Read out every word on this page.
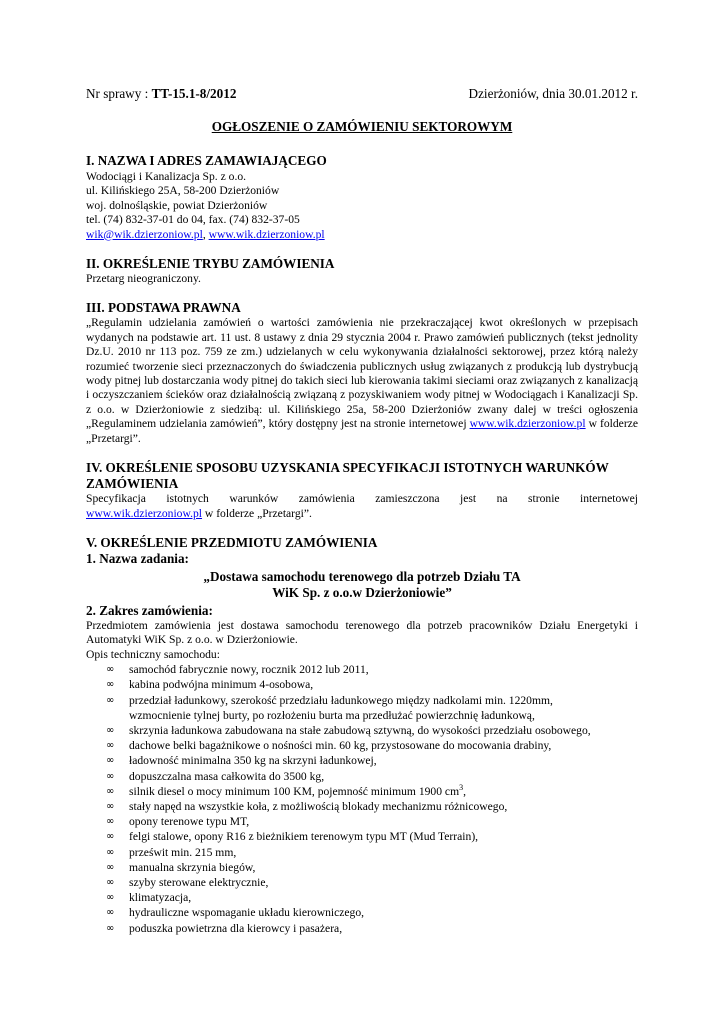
Nr sprawy : TT-15.1-8/2012	Dzierżoniów, dnia 30.01.2012 r.
OGŁOSZENIE O ZAMÓWIENIU SEKTOROWYM
I. NAZWA I ADRES ZAMAWIAJĄCEGO

Wodociągi i Kanalizacja Sp. z o.o.

ul. Kilińskiego 25A, 58-200 Dzierżoniów

woj. dolnośląskie, powiat Dzierżoniów

tel. (74) 832-37-01 do 04, fax. (74) 832-37-05

wik@wik.dzierzoniow.pl, www.wik.dzierzoniow.pl

II. OKREŚLENIE TRYBU ZAMÓWIENIA

Przetarg nieograniczony.

III. PODSTAWA PRAWNA

„Regulamin udzielania zamówień o wartości zamówienia nie przekraczającej kwot określonych w przepisach wydanych na podstawie art. 11 ust. 8 ustawy z dnia 29 stycznia 2004 r. Prawo zamówień publicznych (tekst jednolity Dz.U. 2010 nr 113 poz. 759 ze zm.) udzielanych w celu wykonywania działalności sektorowej, przez którą należy rozumieć tworzenie sieci przeznaczonych do świadczenia publicznych usług związanych z produkcją lub dystrybucją wody pitnej lub dostarczania wody pitnej do takich sieci lub kierowania takimi sieciami oraz związanych z kanalizacją i oczyszczaniem ścieków oraz działalnością związaną z pozyskiwaniem wody pitnej w Wodociągach i Kanalizacji Sp. z o.o. w Dzierżoniowie z siedzibą: ul. Kilińskiego 25a, 58-200 Dzierżoniów zwany dalej w treści ogłoszenia „Regulaminem udzielania zamówień”, który dostępny jest na stronie internetowej www.wik.dzierzoniow.pl w folderze „Przetargi”.

IV. OKREŚLENIE SPOSOBU UZYSKANIA SPECYFIKACJI ISTOTNYCH WARUNKÓW ZAMÓWIENIA

Specyfikacja istotnych warunków zamówienia zamieszczona jest na stronie internetowej

www.wik.dzierzoniow.pl w folderze „Przetargi”.

V. OKREŚLENIE PRZEDMIOTU ZAMÓWIENIA
1. Nazwa zadania:
„Dostawa samochodu terenowego dla potrzeb Działu TA
WiK Sp. z o.o.w Dzierżoniowie”
2. Zakres zamówienia:

Przedmiotem zamówienia jest dostawa samochodu terenowego dla potrzeb pracowników Działu Energetyki i Automatyki WiK Sp. z o.o. w Dzierżoniowie.

Opis techniczny samochodu:

∞ samochód fabrycznie nowy, rocznik 2012 lub 2011,
∞ kabina podwójna minimum 4-osobowa,
∞ przedział ładunkowy, szerokość przedziału ładunkowego między nadkolami min. 1220mm,
wzmocnienie tylnej burty, po rozłożeniu burta ma przedłużać powierzchnię ładunkową,
∞ skrzynia ładunkowa zabudowana na stałe zabudową sztywną, do wysokości przedziału osobowego,
∞ dachowe belki bagażnikowe o nośności min. 60 kg, przystosowane do mocowania drabiny,
∞ ładowność minimalna 350 kg na skrzyni ładunkowej,
∞ dopuszczalna masa całkowita do 3500 kg,
∞ silnik diesel o mocy minimum 100 KM, pojemność minimum 1900 $cm^3$,
∞ stały napęd na wszystkie koła, z możliwością blokady mechanizmu różnicowego,
∞ opony terenowe typu MT,
∞ felgi stalowe, opony R16 z bieżnikiem terenowym typu MT (Mud Terrain),
∞ prześwit min. 215 mm,
∞ manualna skrzynia biegów,
∞ szyby sterowane elektrycznie,
∞ klimatyzacja,
∞ hydrauliczne wspomaganie układu kierowniczego,
∞ poduszka powietrzna dla kierowcy i pasażera,
